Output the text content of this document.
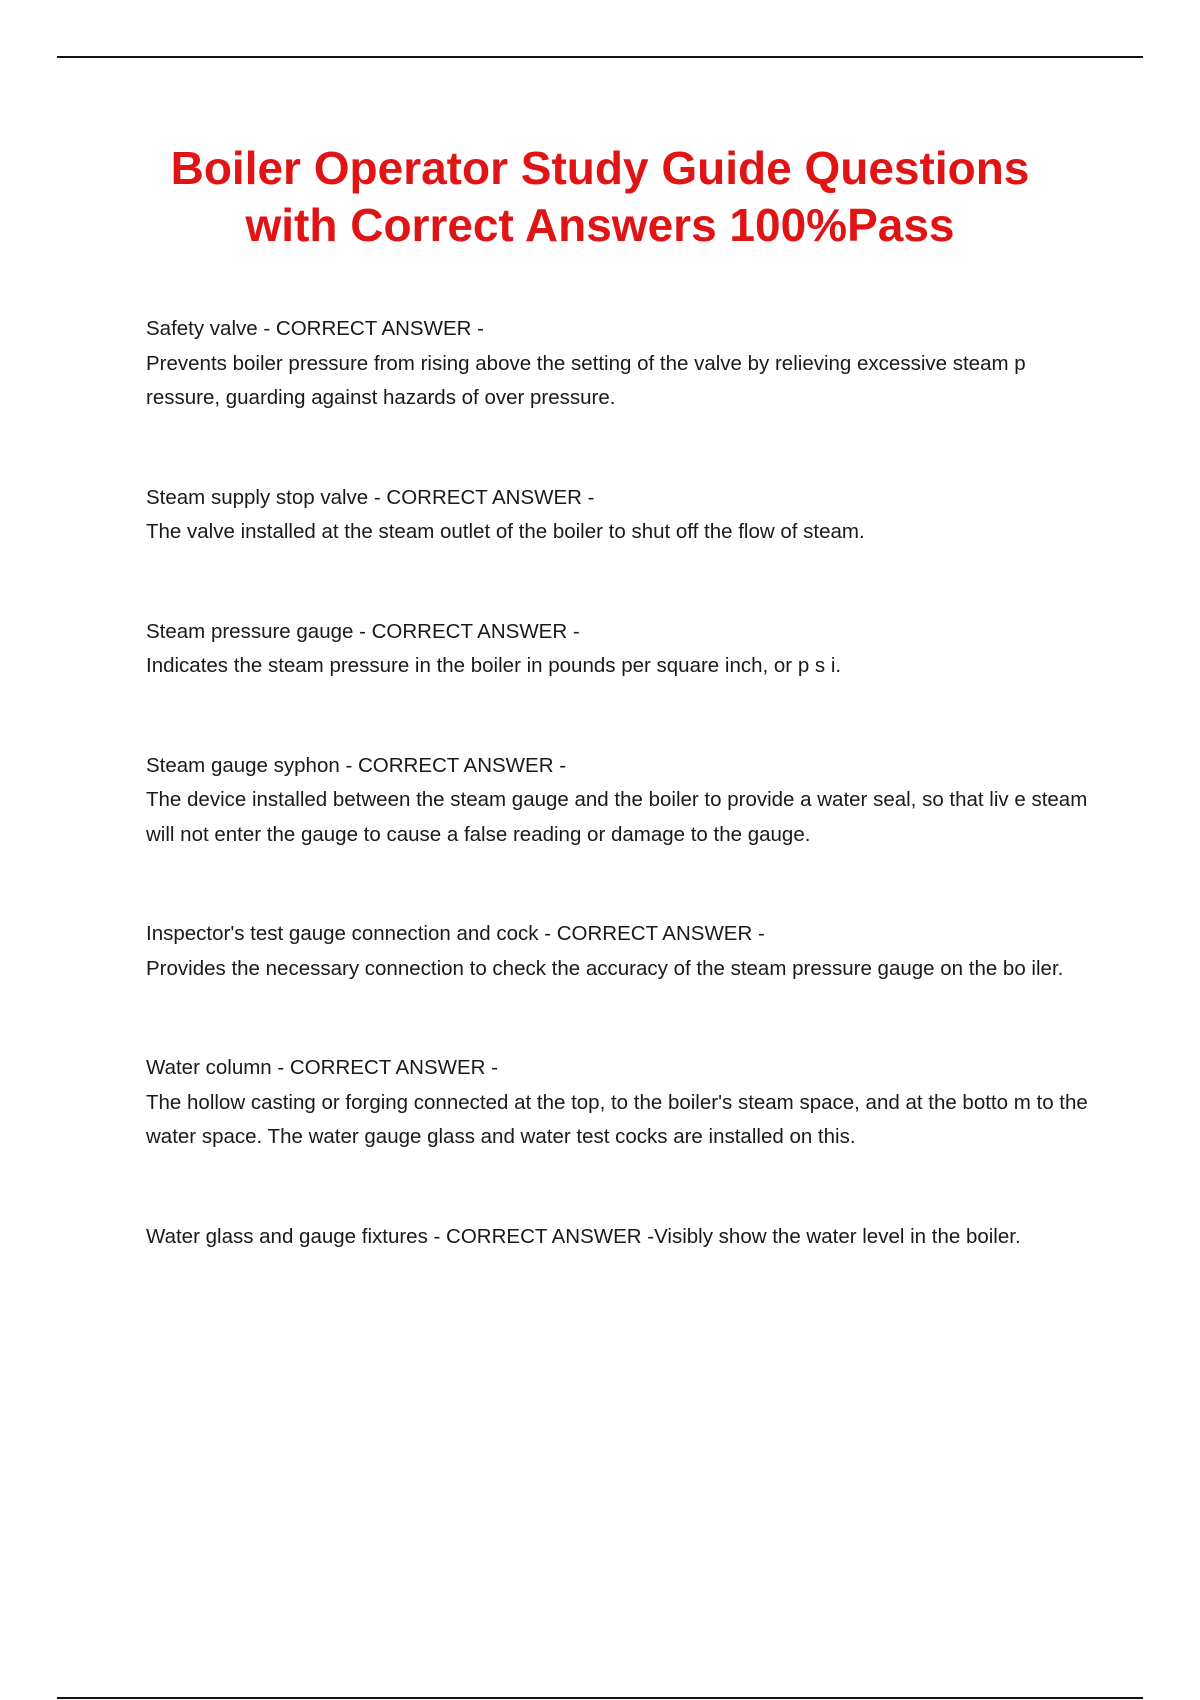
Boiler Operator Study Guide Questions
with Correct Answers 100%Pass
Safety valve - CORRECT ANSWER -
Prevents boiler pressure from rising above the setting of the valve by relieving excessive steam p ressure, guarding against hazards of over pressure.
Steam supply stop valve - CORRECT ANSWER -
The valve installed at the steam outlet of the boiler to shut off the flow of steam.
Steam pressure gauge - CORRECT ANSWER -
Indicates the steam pressure in the boiler in pounds per square inch, or p s i.
Steam gauge syphon - CORRECT ANSWER -
The device installed between the steam gauge and the boiler to provide a water seal, so that liv e steam will not enter the gauge to cause a false reading or damage to the gauge.
Inspector's test gauge connection and cock - CORRECT ANSWER -
Provides the necessary connection to check the accuracy of the steam pressure gauge on the bo iler.
Water column - CORRECT ANSWER -
The hollow casting or forging connected at the top, to the boiler's steam space, and at the botto m to the water space. The water gauge glass and water test cocks are installed on this.
Water glass and gauge fixtures - CORRECT ANSWER -Visibly show the water level in the boiler.
